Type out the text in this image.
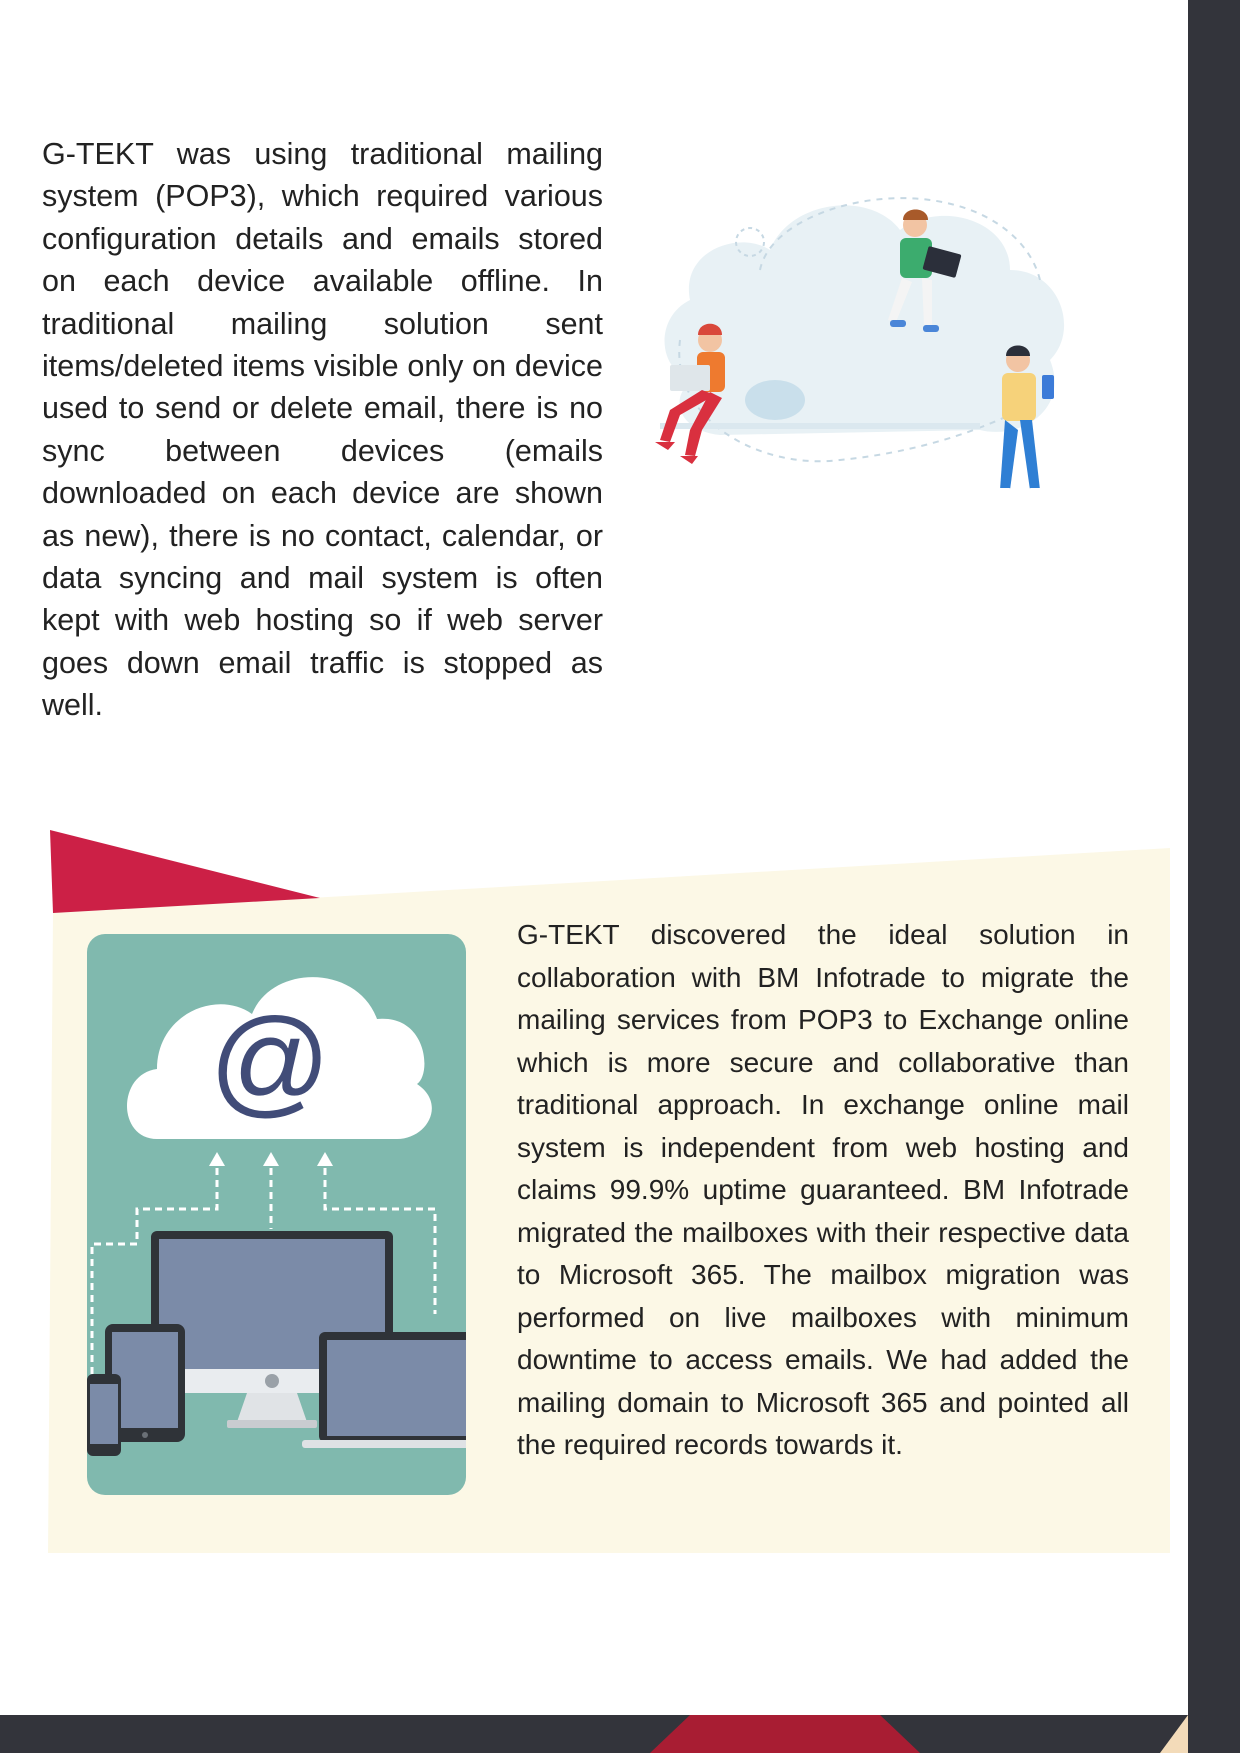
G-TEKT was using traditional mailing system (POP3), which required various configuration details and emails stored on each device available offline. In traditional mailing solution sent items/deleted items visible only on device used to send or delete email, there is no sync between devices (emails downloaded on each device are shown as new), there is no contact, calendar, or data syncing and mail system is often kept with web hosting so if web server goes down email traffic is stopped as well.
@
G-TEKT discovered the ideal solution in collaboration with BM Infotrade to migrate the mailing services from POP3 to Exchange online which is more secure and collaborative than traditional approach. In exchange online mail system is independent from web hosting and claims 99.9% uptime guaranteed. BM Infotrade migrated the mailboxes with their respective data to Microsoft 365. The mailbox migration was performed on live mailboxes with minimum downtime to access emails. We had added the mailing domain to Microsoft 365 and pointed all the required records towards it.
